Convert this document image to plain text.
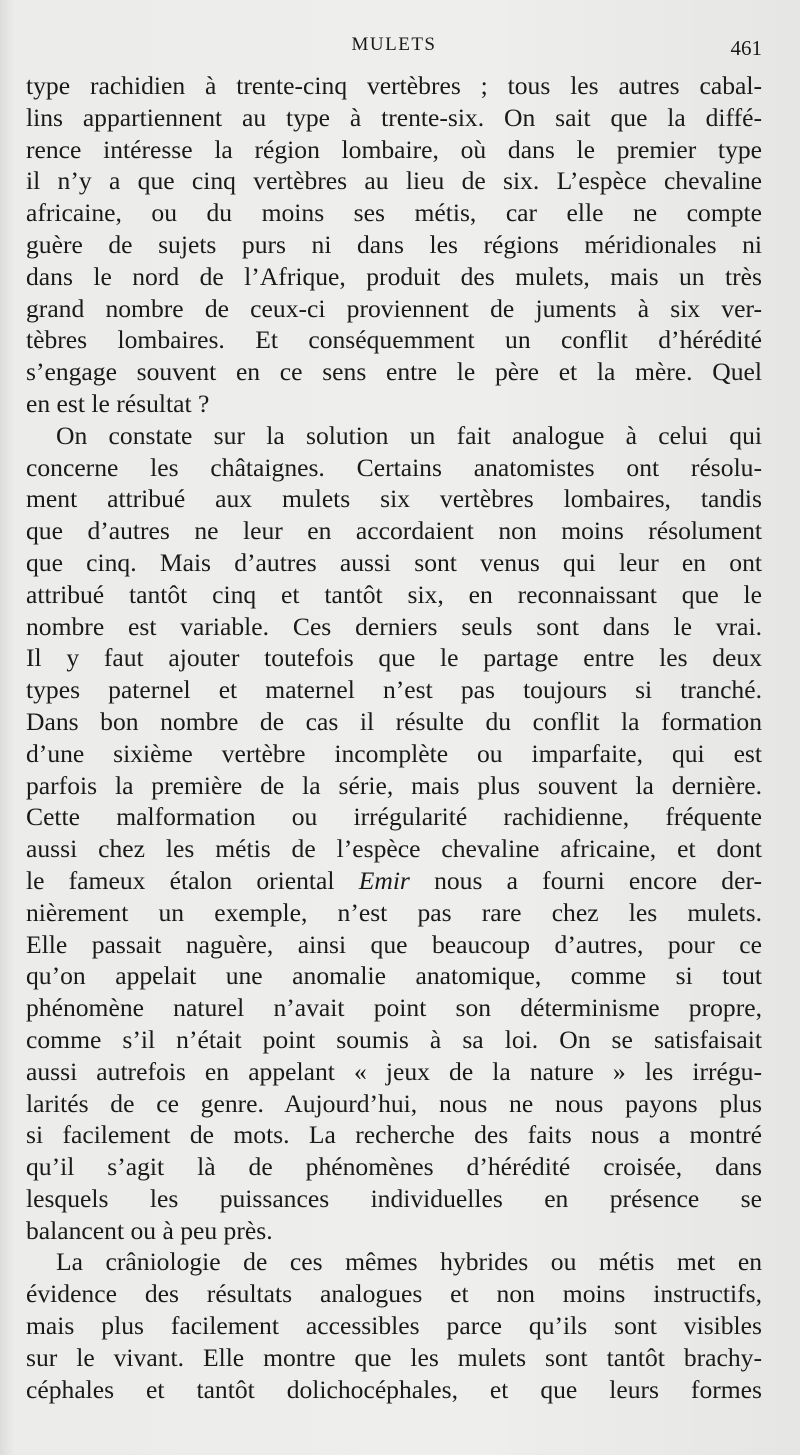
MULETS	461
type rachidien à trente-cinq vertèbres ; tous les autres cabal-
lins appartiennent au type à trente-six. On sait que la diffé-
rence intéresse la région lombaire, où dans le premier type
il n’y a que cinq vertèbres au lieu de six. L’espèce chevaline
africaine, ou du moins ses métis, car elle ne compte
guère de sujets purs ni dans les régions méridionales ni
dans le nord de l’Afrique, produit des mulets, mais un très
grand nombre de ceux-ci proviennent de juments à six ver-
tèbres lombaires. Et conséquemment un conflit d’hérédité
s’engage souvent en ce sens entre le père et la mère. Quel
en est le résultat ?
On constate sur la solution un fait analogue à celui qui
concerne les châtaignes. Certains anatomistes ont résolu-
ment attribué aux mulets six vertèbres lombaires, tandis
que d’autres ne leur en accordaient non moins résolument
que cinq. Mais d’autres aussi sont venus qui leur en ont
attribué tantôt cinq et tantôt six, en reconnaissant que le
nombre est variable. Ces derniers seuls sont dans le vrai.
Il y faut ajouter toutefois que le partage entre les deux
types paternel et maternel n’est pas toujours si tranché.
Dans bon nombre de cas il résulte du conflit la formation
d’une sixième vertèbre incomplète ou imparfaite, qui est
parfois la première de la série, mais plus souvent la dernière.
Cette malformation ou irrégularité rachidienne, fréquente
aussi chez les métis de l’espèce chevaline africaine, et dont
le fameux étalon oriental Emir nous a fourni encore der-
nièrement un exemple, n’est pas rare chez les mulets.
Elle passait naguère, ainsi que beaucoup d’autres, pour ce
qu’on appelait une anomalie anatomique, comme si tout
phénomène naturel n’avait point son déterminisme propre,
comme s’il n’était point soumis à sa loi. On se satisfaisait
aussi autrefois en appelant « jeux de la nature » les irrégu-
larités de ce genre. Aujourd’hui, nous ne nous payons plus
si facilement de mots. La recherche des faits nous a montré
qu’il s’agit là de phénomènes d’hérédité croisée, dans
lesquels les puissances individuelles en présence se
balancent ou à peu près.
La crâniologie de ces mêmes hybrides ou métis met en
évidence des résultats analogues et non moins instructifs,
mais plus facilement accessibles parce qu’ils sont visibles
sur le vivant. Elle montre que les mulets sont tantôt brachy-
céphales et tantôt dolichocéphales, et que leurs formes
